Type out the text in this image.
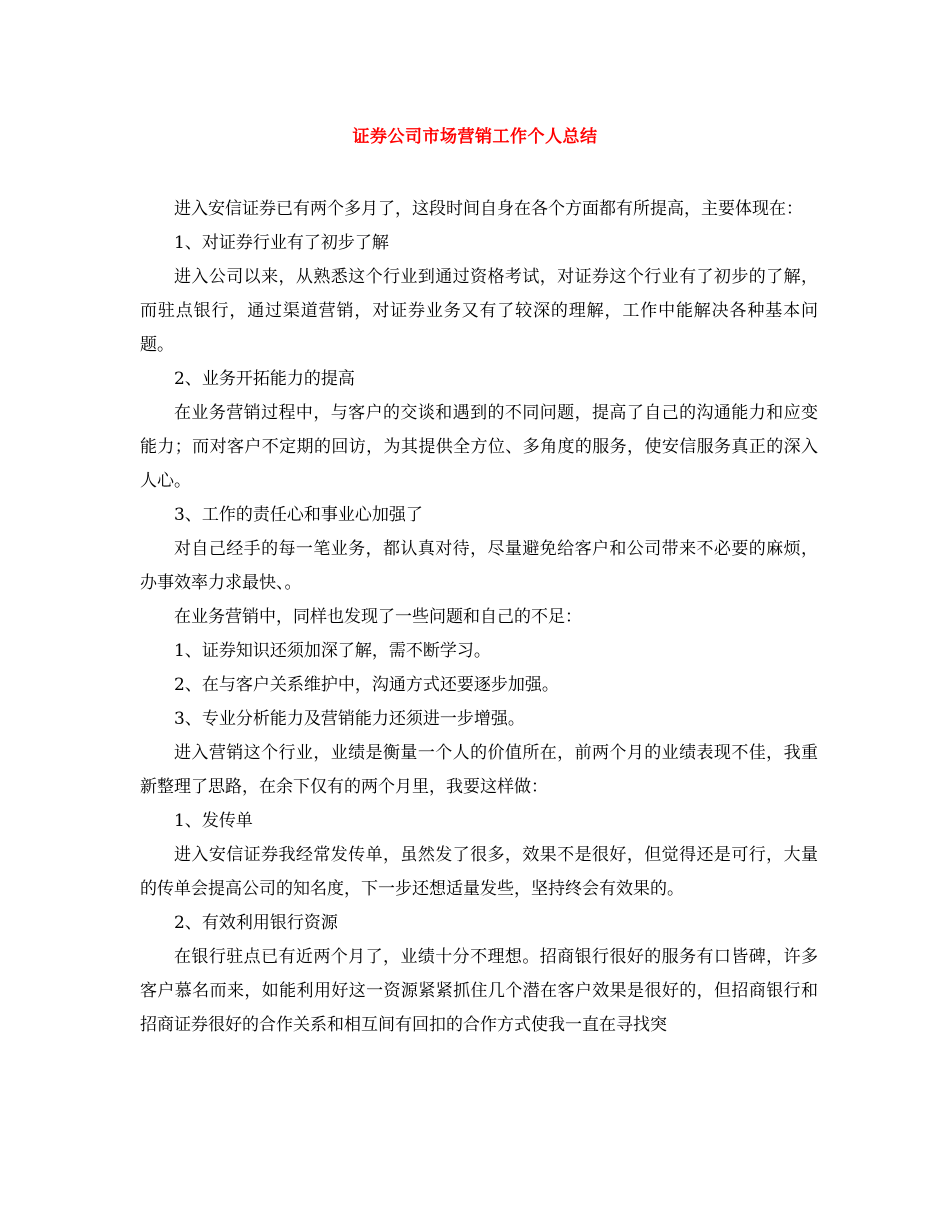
证券公司市场营销工作个人总结

进入安信证券已有两个多月了，这段时间自身在各个方面都有所提高，主要体现在：

1、对证券行业有了初步了解

进入公司以来，从熟悉这个行业到通过资格考试，对证券这个行业有了初步的了解，而驻点银行，通过渠道营销，对证券业务又有了较深的理解，工作中能解决各种基本问题。

2、业务开拓能力的提高

在业务营销过程中，与客户的交谈和遇到的不同问题，提高了自己的沟通能力和应变能力；而对客户不定期的回访，为其提供全方位、多角度的服务，使安信服务真正的深入人心。

3、工作的责任心和事业心加强了

对自己经手的每一笔业务，都认真对待，尽量避免给客户和公司带来不必要的麻烦，办事效率力求最快、。

在业务营销中，同样也发现了一些问题和自己的不足：

1、证券知识还须加深了解，需不断学习。

2、在与客户关系维护中，沟通方式还要逐步加强。

3、专业分析能力及营销能力还须进一步增强。

进入营销这个行业，业绩是衡量一个人的价值所在，前两个月的业绩表现不佳，我重新整理了思路，在余下仅有的两个月里，我要这样做：

1、发传单

进入安信证券我经常发传单，虽然发了很多，效果不是很好，但觉得还是可行，大量的传单会提高公司的知名度，下一步还想适量发些，坚持终会有效果的。

2、有效利用银行资源

在银行驻点已有近两个月了，业绩十分不理想。招商银行很好的服务有口皆碑，许多客户慕名而来，如能利用好这一资源紧紧抓住几个潜在客户效果是很好的，但招商银行和招商证券很好的合作关系和相互间有回扣的合作方式使我一直在寻找突
